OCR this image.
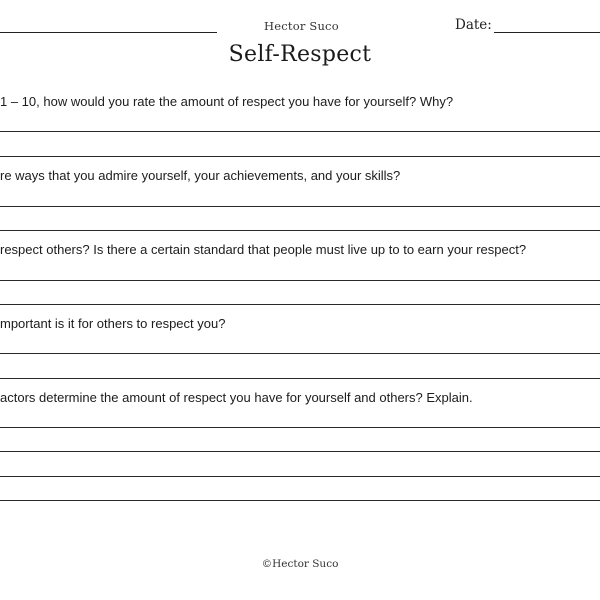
Hector Suco	Date:
Self-Respect
1 – 10, how would you rate the amount of respect you have for yourself? Why?
re ways that you admire yourself, your achievements, and your skills?
respect others? Is there a certain standard that people must live up to to earn your respect?
mportant is it for others to respect you?
actors determine the amount of respect you have for yourself and others? Explain.
©Hector Suco
